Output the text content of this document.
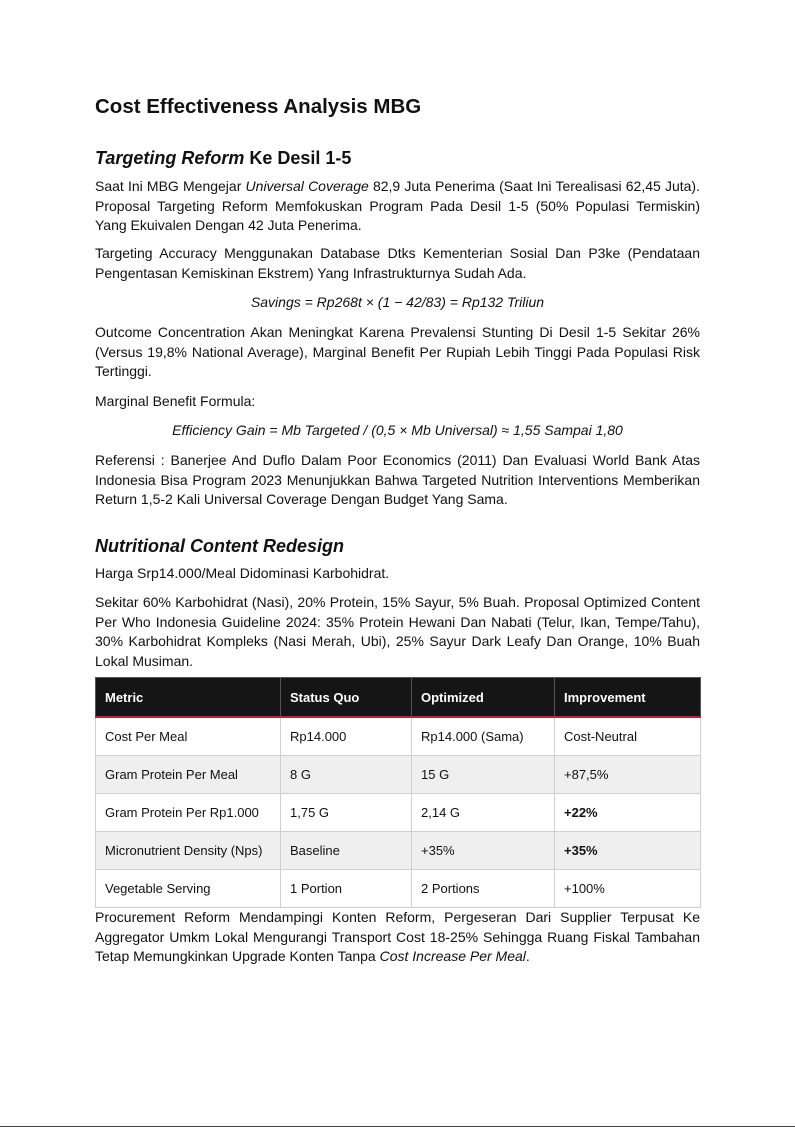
Cost Effectiveness Analysis MBG
Targeting Reform Ke Desil 1-5

Saat Ini MBG Mengejar Universal Coverage 82,9 Juta Penerima (Saat Ini Terealisasi 62,45 Juta). Proposal Targeting Reform Memfokuskan Program Pada Desil 1-5 (50% Populasi Termiskin) Yang Ekuivalen Dengan 42 Juta Penerima.

Targeting Accuracy Menggunakan Database Dtks Kementerian Sosial Dan P3ke (Pendataan Pengentasan Kemiskinan Ekstrem) Yang Infrastrukturnya Sudah Ada.

Savings = Rp268t × (1 − 42/83) = Rp132 Triliun

Outcome Concentration Akan Meningkat Karena Prevalensi Stunting Di Desil 1-5 Sekitar 26% (Versus 19,8% National Average), Marginal Benefit Per Rupiah Lebih Tinggi Pada Populasi Risk Tertinggi.

Marginal Benefit Formula:

Efficiency Gain = Mb Targeted / (0,5 × Mb Universal) ≈ 1,55 Sampai 1,80

Referensi : Banerjee And Duflo Dalam Poor Economics (2011) Dan Evaluasi World Bank Atas Indonesia Bisa Program 2023 Menunjukkan Bahwa Targeted Nutrition Interventions Memberikan Return 1,5-2 Kali Universal Coverage Dengan Budget Yang Sama.

Nutritional Content Redesign

Harga Srp14.000/Meal Didominasi Karbohidrat.

Sekitar 60% Karbohidrat (Nasi), 20% Protein, 15% Sayur, 5% Buah. Proposal Optimized Content Per Who Indonesia Guideline 2024: 35% Protein Hewani Dan Nabati (Telur, Ikan, Tempe/Tahu), 30% Karbohidrat Kompleks (Nasi Merah, Ubi), 25% Sayur Dark Leafy Dan Orange, 10% Buah Lokal Musiman.

Metric	Status Quo	Optimized	Improvement
Cost Per Meal	Rp14.000	Rp14.000 (Sama)	Cost-Neutral
Gram Protein Per Meal	8 G	15 G	+87,5%
Gram Protein Per Rp1.000	1,75 G	2,14 G	+22%
Micronutrient Density (Nps)	Baseline	+35%	+35%
Vegetable Serving	1 Portion	2 Portions	+100%

Procurement Reform Mendampingi Konten Reform, Pergeseran Dari Supplier Terpusat Ke Aggregator Umkm Lokal Mengurangi Transport Cost 18-25% Sehingga Ruang Fiskal Tambahan Tetap Memungkinkan Upgrade Konten Tanpa Cost Increase Per Meal.
